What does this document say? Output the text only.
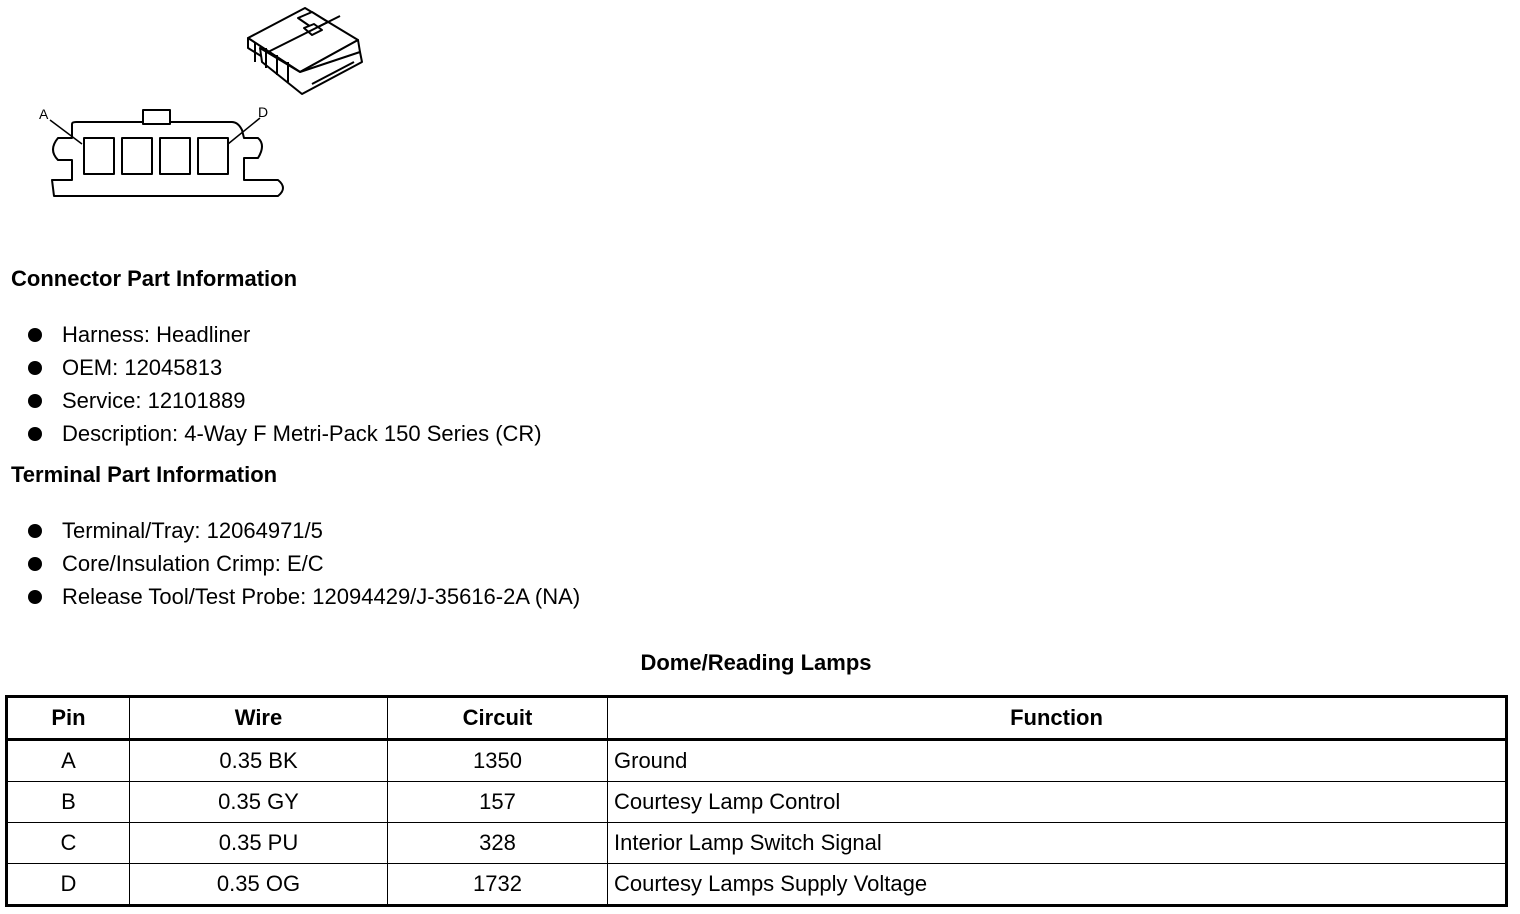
A	D
Connector Part Information
Harness: Headliner
OEM: 12045813
Service: 12101889
Description: 4-Way F Metri-Pack 150 Series (CR)
Terminal Part Information
Terminal/Tray: 12064971/5
Core/Insulation Crimp: E/C
Release Tool/Test Probe: 12094429/J-35616-2A (NA)
Dome/Reading Lamps
Pin	Wire	Circuit	Function
A	0.35 BK	1350	Ground
B	0.35 GY	157	Courtesy Lamp Control
C	0.35 PU	328	Interior Lamp Switch Signal
D	0.35 OG	1732	Courtesy Lamps Supply Voltage
